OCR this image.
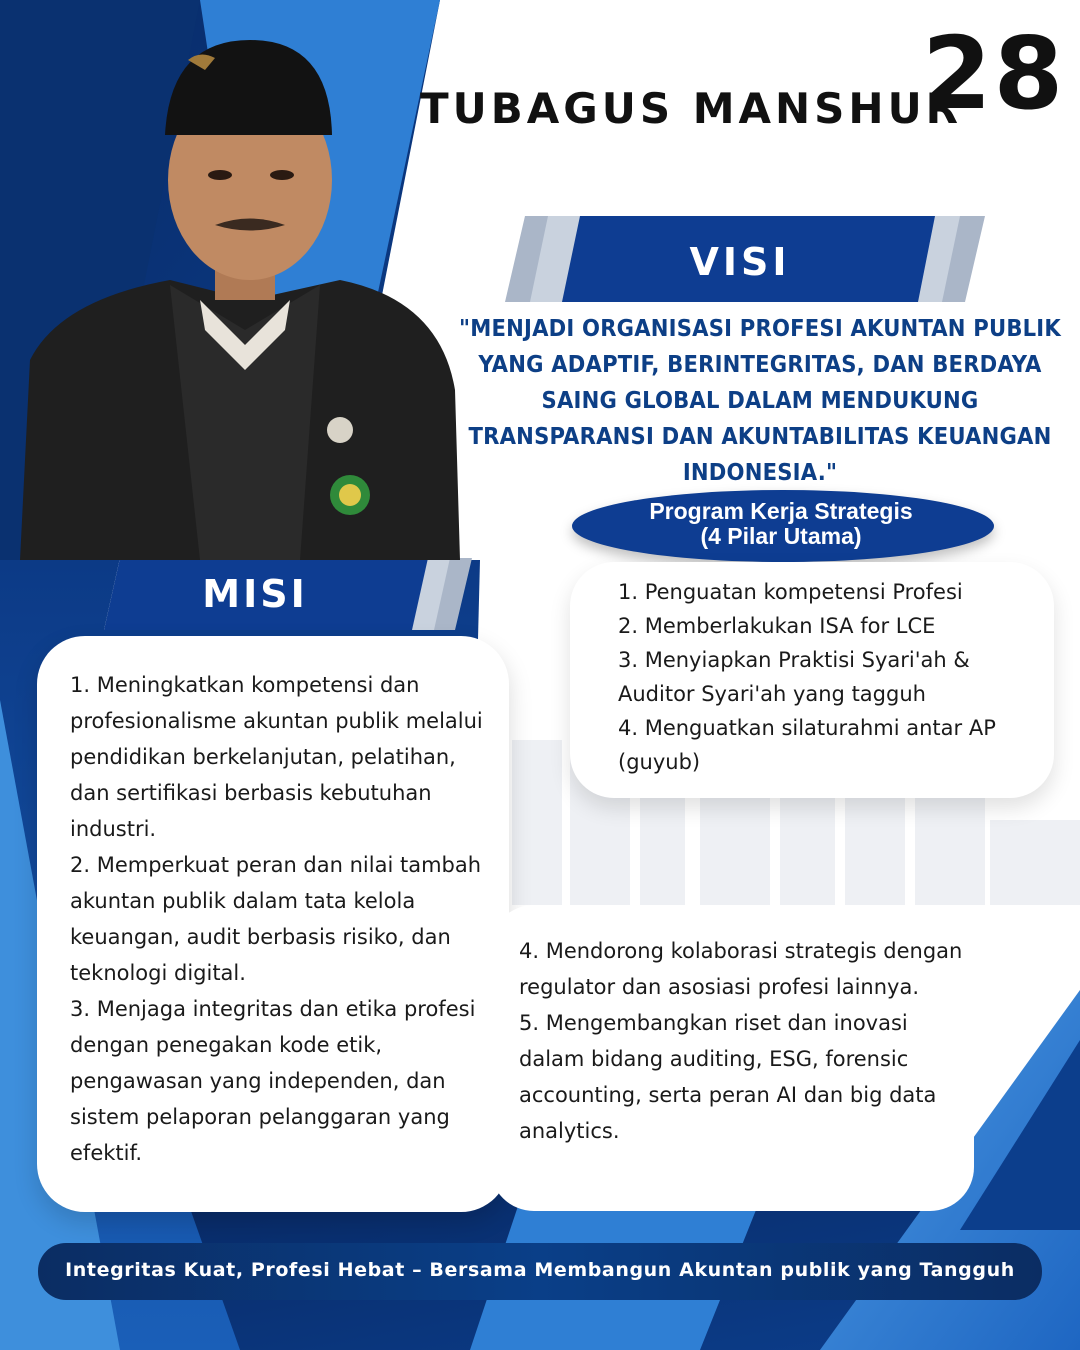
TUBAGUS MANSHUR
28
VISI
"MENJADI ORGANISASI PROFESI AKUNTAN PUBLIK YANG ADAPTIF, BERINTEGRITAS, DAN BERDAYA SAING GLOBAL DALAM MENDUKUNG TRANSPARANSI DAN AKUNTABILITAS KEUANGAN INDONESIA."
Program Kerja Strategis
(4 Pilar Utama)
1. Penguatan kompetensi Profesi
2. Memberlakukan ISA for LCE
3. Menyiapkan Praktisi Syari'ah & Auditor Syari'ah yang tagguh
4. Menguatkan silaturahmi antar AP (guyub)
MISI
1. Meningkatkan kompetensi dan profesionalisme akuntan publik melalui pendidikan berkelanjutan, pelatihan, dan sertifikasi berbasis kebutuhan industri.
2. Memperkuat peran dan nilai tambah akuntan publik dalam tata kelola keuangan, audit berbasis risiko, dan teknologi digital.
3. Menjaga integritas dan etika profesi dengan penegakan kode etik, pengawasan yang independen, dan sistem pelaporan pelanggaran yang efektif.
4. Mendorong kolaborasi strategis dengan regulator dan asosiasi profesi lainnya.
5. Mengembangkan riset dan inovasi dalam bidang auditing, ESG, forensic accounting, serta peran AI dan big data analytics.
Integritas Kuat, Profesi Hebat – Bersama Membangun Akuntan publik yang Tangguh
